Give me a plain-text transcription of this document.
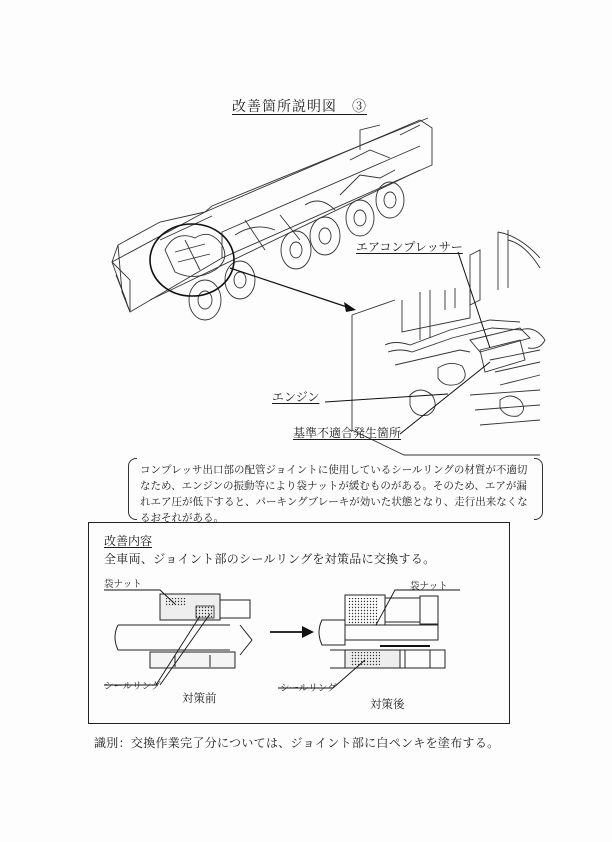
改善箇所説明図　③
エアコンプレッサー
エンジン
基準不適合発生箇所
コンプレッサ出口部の配管ジョイントに使用しているシールリングの材質が不適切なため、エンジンの振動等により袋ナットが緩むものがある。そのため、エアが漏れエア圧が低下すると、パーキングブレーキが効いた状態となり、走行出来なくなるおそれがある。
改善内容
全車両、ジョイント部のシールリングを対策品に交換する。
袋ナット
シールリング
対策前
袋ナット
シールリング
対策後
識別：交換作業完了分については、ジョイント部に白ペンキを塗布する。
